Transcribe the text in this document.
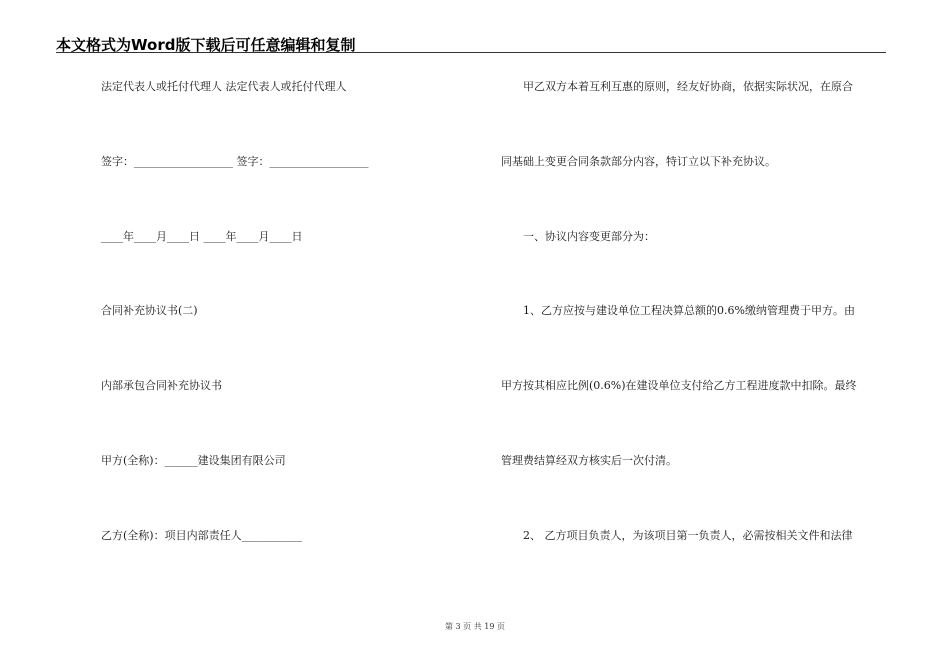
本文格式为Word版下载后可任意编辑和复制
法定代表人或托付代理人 法定代表人或托付代理人
签字：__________________ 签字：__________________
____年____月____日 ____年____月____日
合同补充协议书(二)
内部承包合同补充协议书
甲方(全称)：______建设集团有限公司
乙方(全称)：项目内部责任人___________
　　甲乙双方本着互利互惠的原则，经友好协商，依据实际状况，在原合
同基础上变更合同条款部分内容，特订立以下补充协议。
　　一、协议内容变更部分为：
　　1、乙方应按与建设单位工程决算总额的0.6%缴纳管理费于甲方。由
甲方按其相应比例(0.6%)在建设单位支付给乙方工程进度款中扣除。最终
管理费结算经双方核实后一次付清。
　　2、 乙方项目负责人，为该项目第一负责人，必需按相关文件和法律
第 3 页 共 19 页
